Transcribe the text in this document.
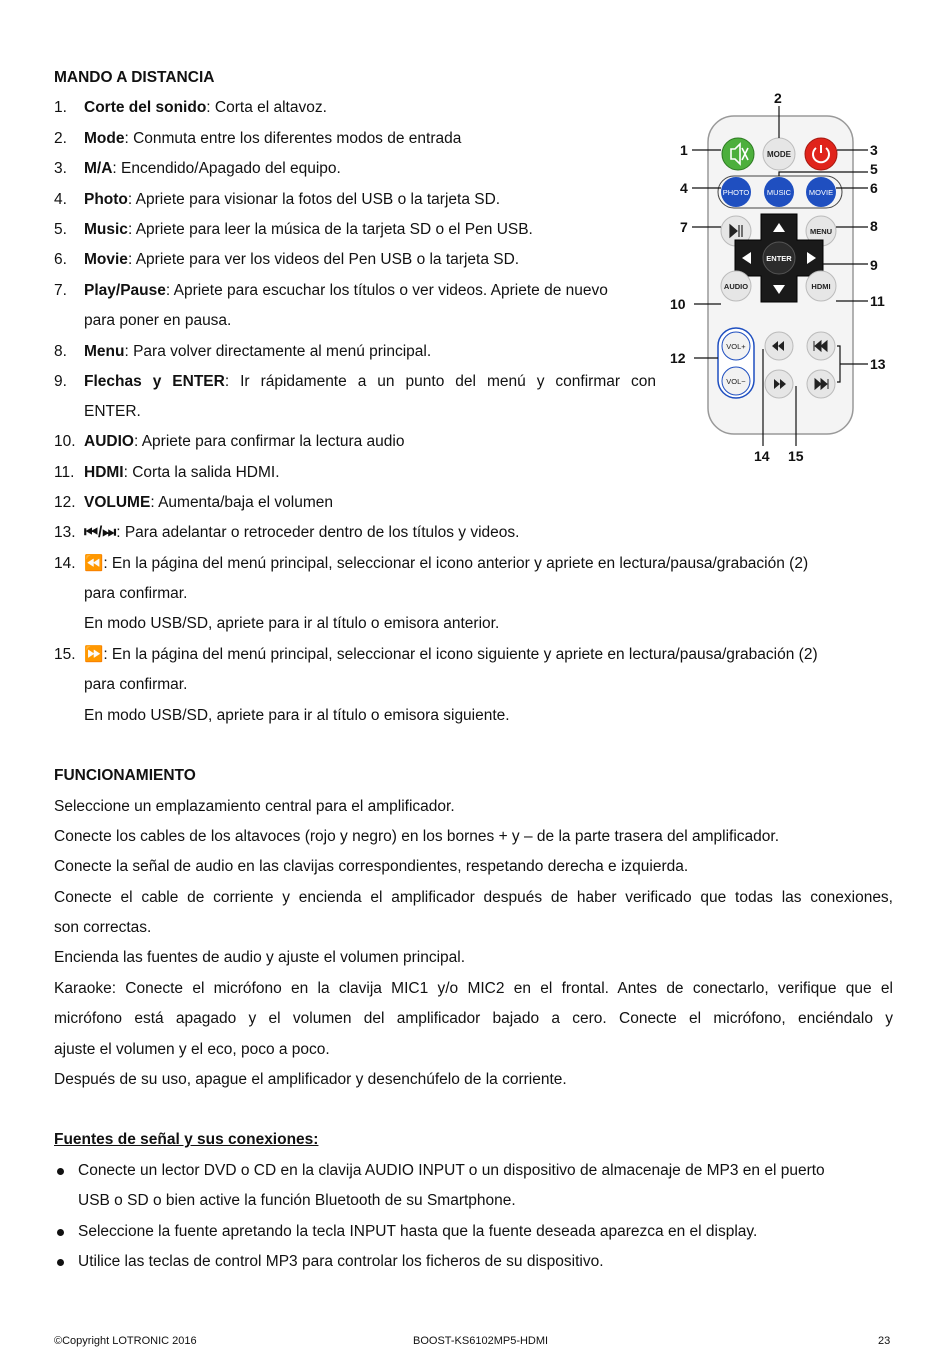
MANDO A DISTANCIA
1. Corte del sonido: Corta el altavoz.
2. Mode: Conmuta entre los diferentes modos de entrada
3. M/A: Encendido/Apagado del equipo.
4. Photo: Apriete para visionar la fotos del USB o la tarjeta SD.
5. Music: Apriete para leer la música de la tarjeta SD o el Pen USB.
6. Movie: Apriete para ver los videos del Pen USB o la tarjeta SD.
7. Play/Pause: Apriete para escuchar los títulos o ver videos. Apriete de nuevo
para poner en pausa.
8. Menu: Para volver directamente al menú principal.
9. Flechas y ENTER: Ir rápidamente a un punto del menú y confirmar con
ENTER.
10. AUDIO: Apriete para confirmar la lectura audio
11. HDMI: Corta la salida HDMI.
12. VOLUME: Aumenta/baja el volumen
13. ⏮/⏭: Para adelantar o retroceder dentro de los títulos y videos.
14. ⏪: En la página del menú principal, seleccionar el icono anterior y apriete en lectura/pausa/grabación (2)
para confirmar.
En modo USB/SD, apriete para ir al título o emisora anterior.
15. ⏩: En la página del menú principal, seleccionar el icono siguiente y apriete en lectura/pausa/grabación (2)
para confirmar.
En modo USB/SD, apriete para ir al título o emisora siguiente.
MODE
PHOTO MUSIC MOVIE
MENU
ENTER
AUDIO	HDMI
VOL+
VOL−
1
2
3
4
5
6
7	8
9
10	11
12	13
14 15
FUNCIONAMIENTO
Seleccione un emplazamiento central para el amplificador.
Conecte los cables de los altavoces (rojo y negro) en los bornes + y – de la parte trasera del amplificador.
Conecte la señal de audio en las clavijas correspondientes, respetando derecha e izquierda.
Conecte el cable de corriente y encienda el amplificador después de haber verificado que todas las conexiones,
son correctas.
Encienda las fuentes de audio y ajuste el volumen principal.
Karaoke: Conecte el micrófono en la clavija MIC1 y/o MIC2 en el frontal. Antes de conectarlo, verifique que el
micrófono está apagado y el volumen del amplificador bajado a cero. Conecte el micrófono, enciéndalo y
ajuste el volumen y el eco, poco a poco.
Después de su uso, apague el amplificador y desenchúfelo de la corriente.
Fuentes de señal y sus conexiones:
Conecte un lector DVD o CD en la clavija AUDIO INPUT o un dispositivo de almacenaje de MP3 en el puerto
USB o SD o bien active la función Bluetooth de su Smartphone.
Seleccione la fuente apretando la tecla INPUT hasta que la fuente deseada aparezca en el display.
Utilice las teclas de control MP3 para controlar los ficheros de su dispositivo.
©Copyright LOTRONIC 2016	BOOST-KS6102MP5-HDMI	23
